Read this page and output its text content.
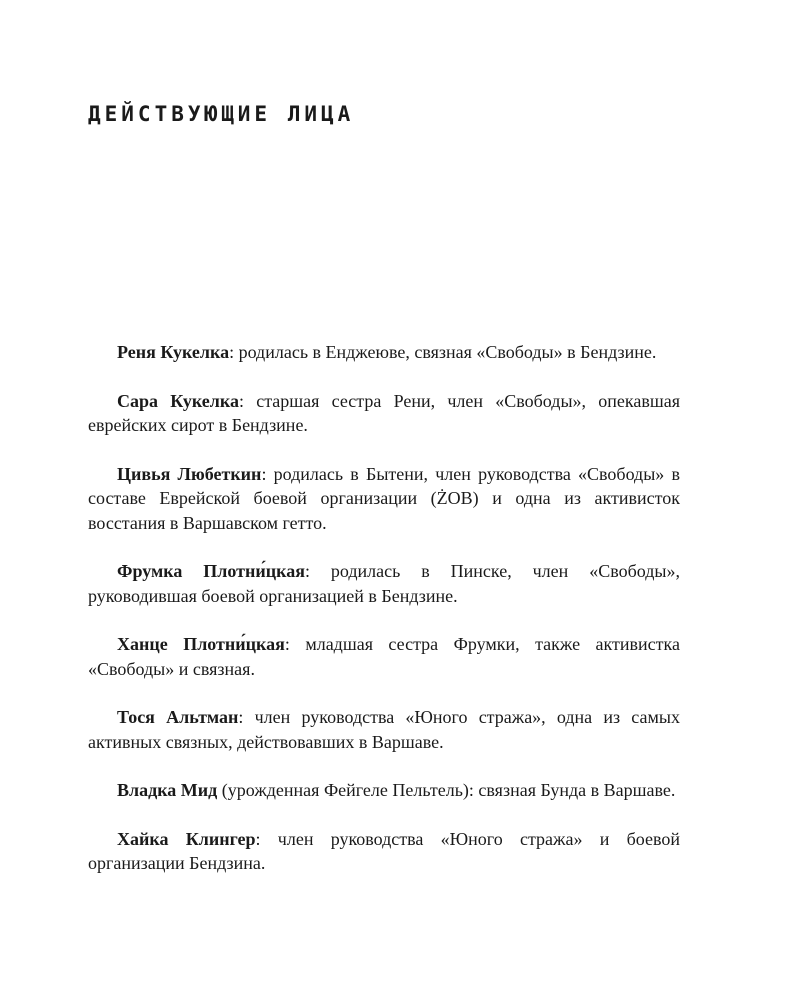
ДЕЙСТВУЮЩИЕ ЛИЦА

Реня Кукелка: родилась в Енджеюве, связная «Свободы» в Бендзине.

Сара Кукелка: старшая сестра Рени, член «Свободы», опекавшая еврейских сирот в Бендзине.

Цивья Любеткин: родилась в Бытени, член руководства «Свободы» в составе Еврейской боевой организации (ŻOB) и одна из активисток восстания в Варшавском гетто.

Фрумка Плотни́цкая: родилась в Пинске, член «Свободы», руководившая боевой организацией в Бендзине.

Ханце Плотни́цкая: младшая сестра Фрумки, также активистка «Свободы» и связная.

Тося Альтман: член руководства «Юного стража», одна из самых активных связных, действовавших в Варшаве.

Владка Мид (урожденная Фейгеле Пельтель): связная Бунда в Варшаве.

Хайка Клингер: член руководства «Юного стража» и боевой организации Бендзина.
